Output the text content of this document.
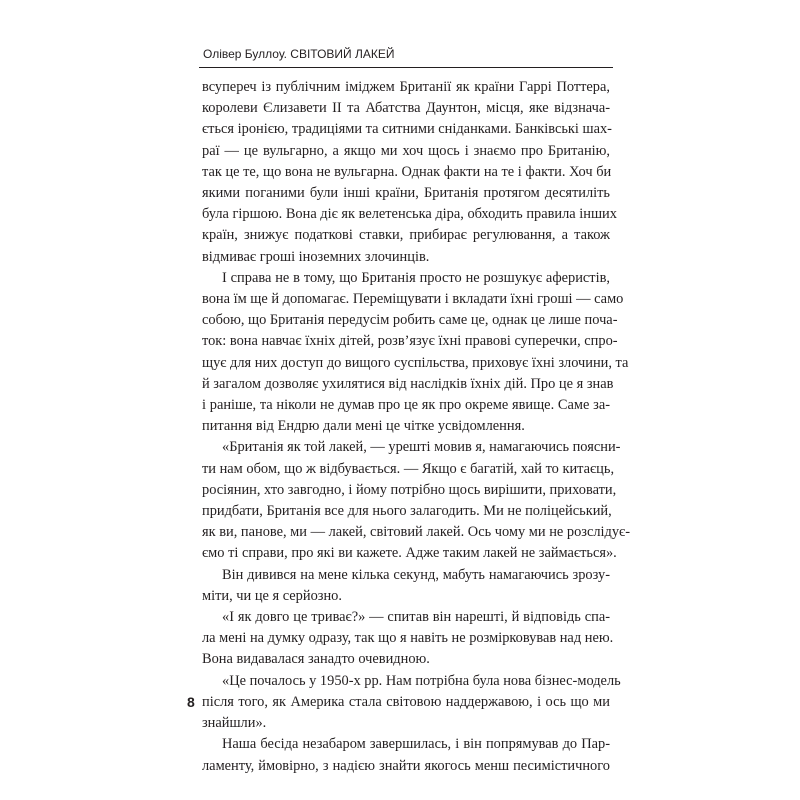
Олівер Буллоу. СВІТОВИЙ ЛАКЕЙ
всупереч із публічним іміджем Британії як країни Гаррі Поттера,
королеви Єлизавети ІІ та Абатства Даунтон, місця, яке відзнача-
ється іронією, традиціями та ситними сніданками. Банківські шах-
раї — це вульгарно, а якщо ми хоч щось і знаємо про Британію,
так це те, що вона не вульгарна. Однак факти на те і факти. Хоч би
якими поганими були інші країни, Британія протягом десятиліть
була гіршою. Вона діє як велетенська діра, обходить правила інших
країн, знижує податкові ставки, прибирає регулювання, а також
відмиває гроші іноземних злочинців.
І справа не в тому, що Британія просто не розшукує аферистів,
вона їм ще й допомагає. Переміщувати і вкладати їхні гроші — само
собою, що Британія передусім робить саме це, однак це лише поча-
ток: вона навчає їхніх дітей, розв’язує їхні правові суперечки, спро-
щує для них доступ до вищого суспільства, приховує їхні злочини, та
й загалом дозволяє ухилятися від наслідків їхніх дій. Про це я знав
і раніше, та ніколи не думав про це як про окреме явище. Саме за-
питання від Ендрю дали мені це чітке усвідомлення.
«Британія як той лакей, — урешті мовив я, намагаючись поясни-
ти нам обом, що ж відбувається. — Якщо є багатій, хай то китаєць,
росіянин, хто завгодно, і йому потрібно щось вирішити, приховати,
придбати, Британія все для нього залагодить. Ми не поліцейський,
як ви, панове, ми — лакей, світовий лакей. Ось чому ми не розслідує-
ємо ті справи, про які ви кажете. Адже таким лакей не займається».
Він дивився на мене кілька секунд, мабуть намагаючись зрозу-
міти, чи це я серйозно.
«І як довго це триває?» — спитав він нарешті, й відповідь спа-
ла мені на думку одразу, так що я навіть не розмірковував над нею.
Вона видавалася занадто очевидною.
«Це почалось у 1950-х рр. Нам потрібна була нова бізнес-модель
після того, як Америка стала світовою наддержавою, і ось що ми
знайшли».
Наша бесіда незабаром завершилась, і він попрямував до Пар-
ламенту, ймовірно, з надією знайти якогось менш песимістичного
8
